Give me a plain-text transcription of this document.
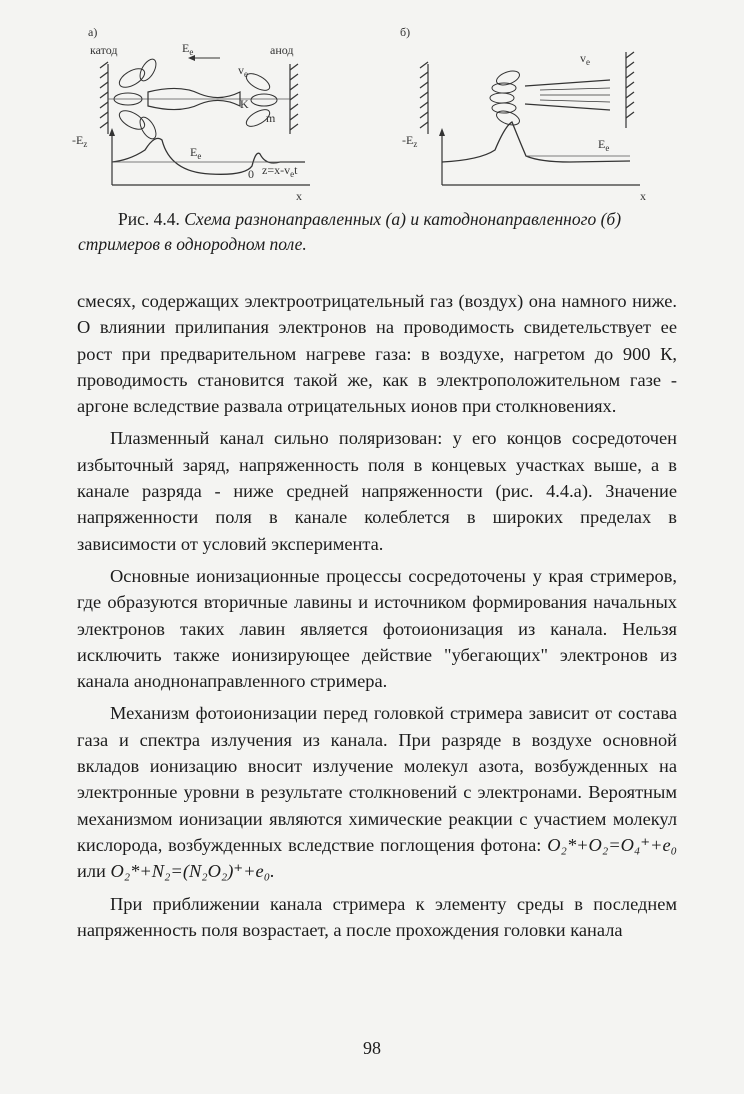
а)	б)
катод	анод
$E_e$
$v_e$
K
m
$v_e$
$-E_z$
$E_e$
0 $z=x-v_et$
x
$-E_z$	$E_e$
x
Рис. 4.4. Схема разнонаправленных (а) и катоднонаправленного (б) стримеров в однородном поле.

смесях, содержащих электроотрицательный газ (воздух) она намного ниже. О влиянии прилипания электронов на проводимость свидетельствует ее рост при предварительном нагреве газа: в воздухе, нагретом до 900 К, проводимость становится такой же, как в электроположительном газе - аргоне вследствие развала отрицательных ионов при столкновениях.

Плазменный канал сильно поляризован: у его концов сосредоточен избыточный заряд, напряженность поля в концевых участках выше, а в канале разряда - ниже средней напряженности (рис. 4.4.а). Значение напряженности поля в канале колеблется в широких пределах в зависимости от условий эксперимента.

Основные ионизационные процессы сосредоточены у края стримеров, где образуются вторичные лавины и источником формирования начальных электронов таких лавин является фотоионизация из канала. Нельзя исключить также ионизирующее действие "убегающих" электронов из канала анoднонаправленного стримера.

Механизм фотоионизации перед головкой стримера зависит от состава газа и спектра излучения из канала. При разряде в воздухе основной вкладов ионизацию вносит излучение молекул азота, возбужденных на электронные уровни в результате столкновений с электронами. Вероятным механизмом ионизации являются химические реакции с участием молекул кислорода, возбужденных вследствие поглощения фотона: O₂*+O₂=O₄⁺+e₀ или O₂*+N₂=(N₂O₂)⁺+e₀.

При приближении канала стримера к элементу среды в последнем напряженность поля возрастает, а после прохождения головки канала

98
